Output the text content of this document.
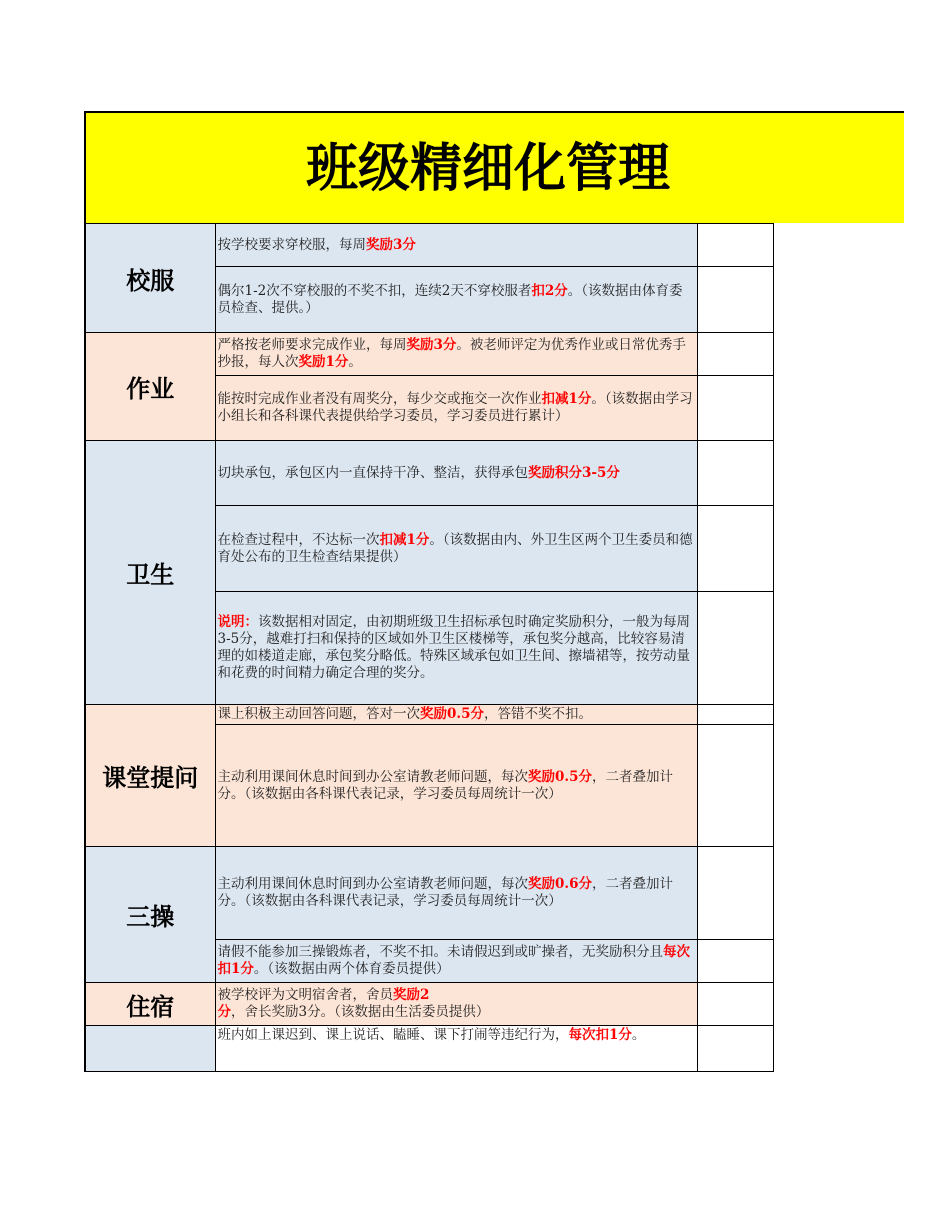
班级精细化管理
校服	按学校要求穿校服，每周奖励3分	
	偶尔1-2次不穿校服的不奖不扣，连续2天不穿校服者扣2分。（该数据由体育委员检查、提供。）	
作业	严格按老师要求完成作业，每周奖励3分。被老师评定为优秀作业或日常优秀手抄报，每人次奖励1分。	
	能按时完成作业者没有周奖分，每少交或拖交一次作业扣减1分。（该数据由学习小组长和各科课代表提供给学习委员，学习委员进行累计）	
卫生	切块承包，承包区内一直保持干净、整洁，获得承包奖励积分3-5分	
	在检查过程中，不达标一次扣减1分。（该数据由内、外卫生区两个卫生委员和德育处公布的卫生检查结果提供）	
	说明：该数据相对固定，由初期班级卫生招标承包时确定奖励积分，一般为每周3-5分，越难打扫和保持的区域如外卫生区楼梯等，承包奖分越高，比较容易清理的如楼道走廊，承包奖分略低。特殊区域承包如卫生间、擦墙裙等，按劳动量和花费的时间精力确定合理的奖分。	
课堂提问	课上积极主动回答问题，答对一次奖励0.5分，答错不奖不扣。	
	主动利用课间休息时间到办公室请教老师问题，每次奖励0.5分，二者叠加计分。（该数据由各科课代表记录，学习委员每周统计一次）	
三操	主动利用课间休息时间到办公室请教老师问题，每次奖励0.6分，二者叠加计分。（该数据由各科课代表记录，学习委员每周统计一次）	
	请假不能参加三操锻炼者，不奖不扣。未请假迟到或旷操者，无奖励积分且每次扣1分。（该数据由两个体育委员提供）	
住宿	被学校评为文明宿舍者，舍员奖励2分，舍长奖励3分。（该数据由生活委员提供）	
	班内如上课迟到、课上说话、瞌睡、课下打闹等违纪行为，每次扣1分。	
